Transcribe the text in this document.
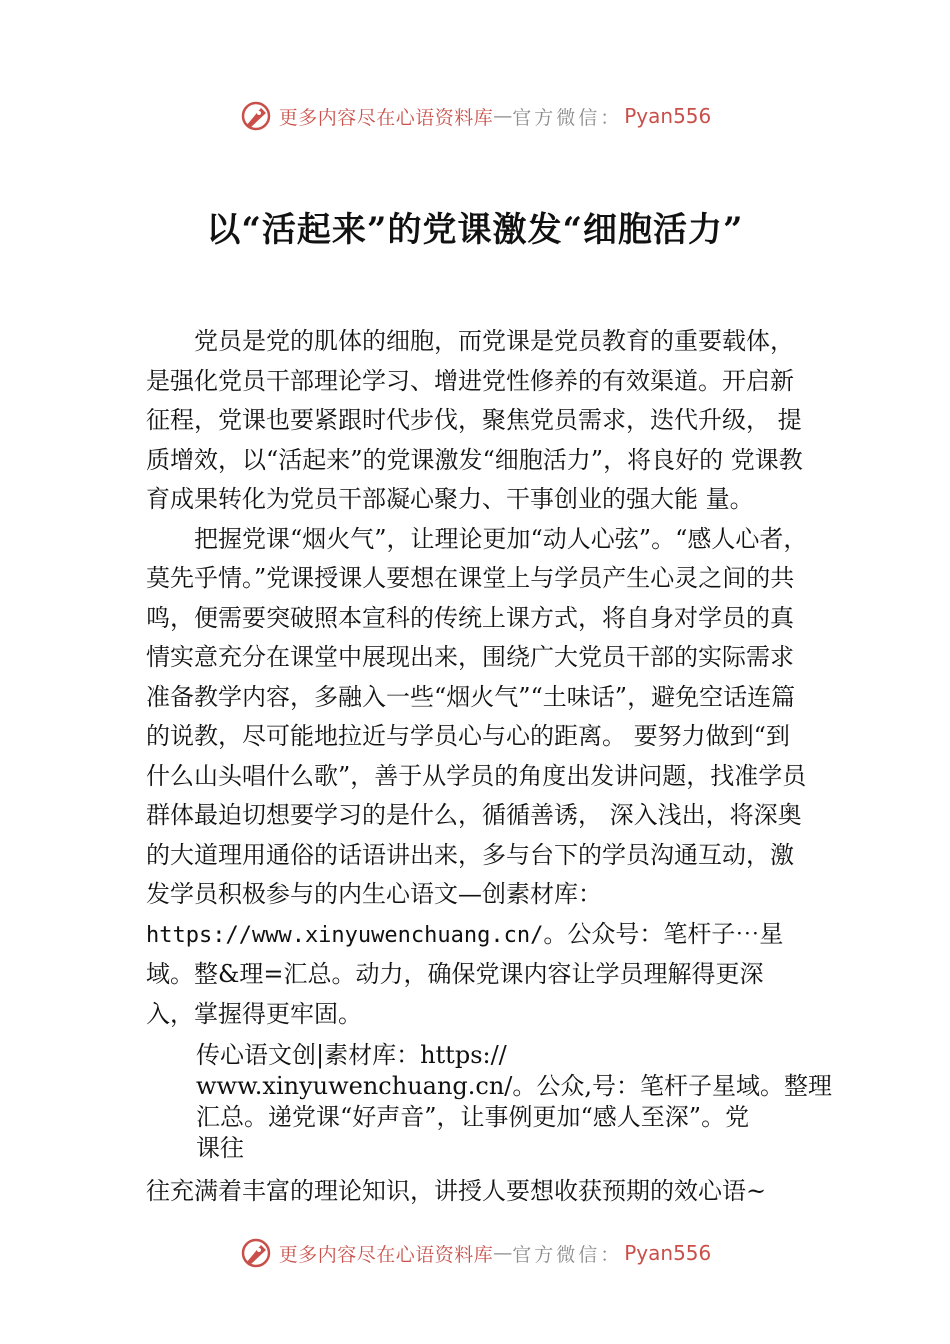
更多内容尽在心语资料库 — 官方微信： Pyan556
以“活起来”的党课激发“细胞活力”

党员是党的肌体的细胞，而党课是党员教育的重要载体，是强化党员干部理论学习、增进党性修养的有效渠道。开启新征程，党课也要紧跟时代步伐，聚焦党员需求，迭代升级， 提质增效，以“活起来”的党课激发“细胞活力”，将良好的 党课教育成果转化为党员干部凝心聚力、干事创业的强大能 量。

把握党课“烟火气”，让理论更加“动人心弦”。“感人心者，莫先乎情。”党课授课人要想在课堂上与学员产生心灵之间的共鸣，便需要突破照本宣科的传统上课方式，将自身对学员的真情实意充分在课堂中展现出来，围绕广大党员干部的实际需求准备教学内容，多融入一些“烟火气”“土味话”，避免空话连篇的说教，尽可能地拉近与学员心与心的距离。 要努力做到“到什么山头唱什么歌”，善于从学员的角度出发讲问题，找准学员群体最迫切想要学习的是什么，循循善诱， 深入浅出，将深奥的大道理用通俗的话语讲出来，多与台下的学员沟通互动，激发学员积极参与的内生心语文—创素材库：https://www.xinyuwenchuang.cn/。公众号：笔杆子⋯星域。整&理=汇总。动力，确保党课内容让学员理解得更深入，掌握得更牢固。

传心语文创|素材库：https://

www.xinyuwenchuang.cn/。公众,号：笔杆子星域。整理

汇总。递党课“好声音”，让事例更加“感人至深”。党

课往

往充满着丰富的理论知识，讲授人要想收获预期的效心语~
更多内容尽在心语资料库 — 官方微信： Pyan556
